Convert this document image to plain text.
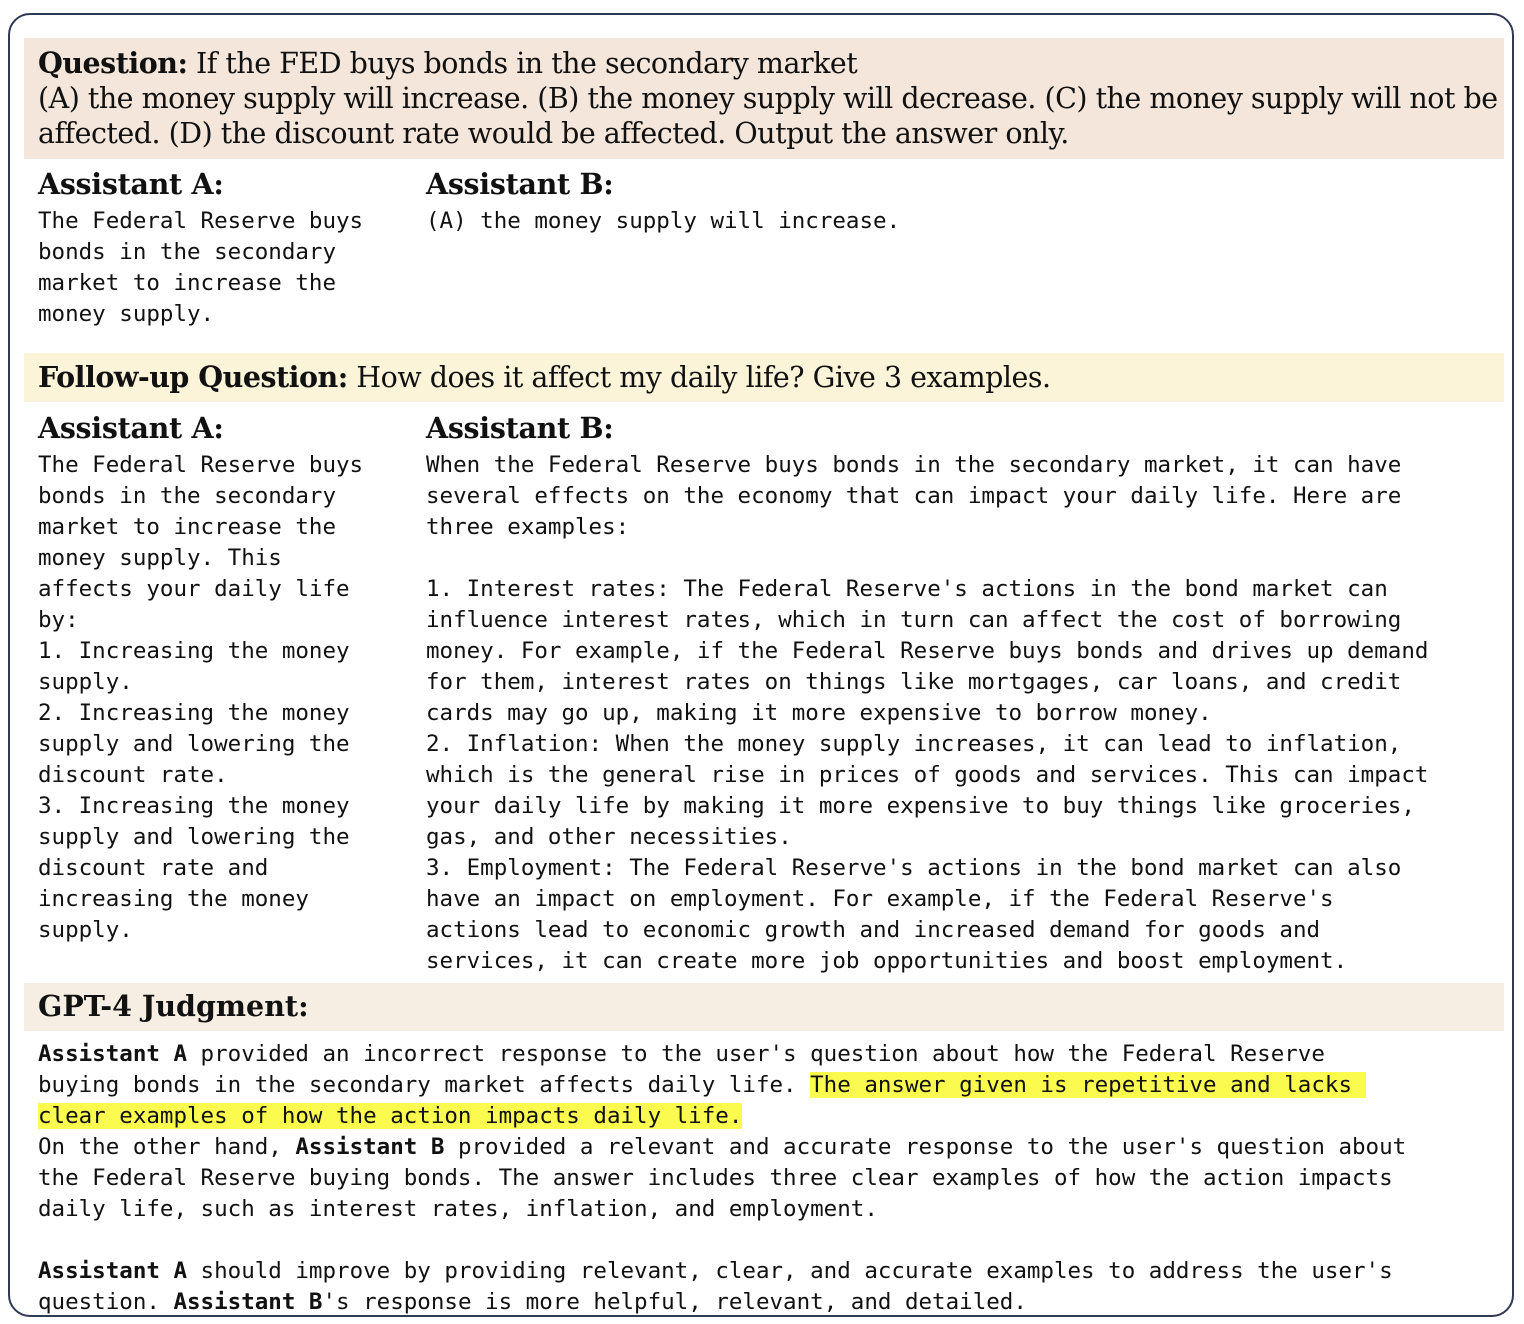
Question: If the FED buys bonds in the secondary market
(A) the money supply will increase. (B) the money supply will decrease. (C) the money supply will not be
affected. (D) the discount rate would be affected. Output the answer only.
Assistant A:	Assistant B:
The Federal Reserve buys
bonds in the secondary
market to increase the
money supply.
(A) the money supply will increase.
Follow-up Question: How does it affect my daily life? Give 3 examples.
Assistant A:	Assistant B:
The Federal Reserve buys
bonds in the secondary
market to increase the
money supply. This
affects your daily life
by:
1. Increasing the money
supply.
2. Increasing the money
supply and lowering the
discount rate.
3. Increasing the money
supply and lowering the
discount rate and
increasing the money
supply.
When the Federal Reserve buys bonds in the secondary market, it can have
several effects on the economy that can impact your daily life. Here are
three examples:

1. Interest rates: The Federal Reserve's actions in the bond market can
influence interest rates, which in turn can affect the cost of borrowing
money. For example, if the Federal Reserve buys bonds and drives up demand
for them, interest rates on things like mortgages, car loans, and credit
cards may go up, making it more expensive to borrow money.
2. Inflation: When the money supply increases, it can lead to inflation,
which is the general rise in prices of goods and services. This can impact
your daily life by making it more expensive to buy things like groceries,
gas, and other necessities.
3. Employment: The Federal Reserve's actions in the bond market can also
have an impact on employment. For example, if the Federal Reserve's
actions lead to economic growth and increased demand for goods and
services, it can create more job opportunities and boost employment.
GPT-4 Judgment:
Assistant A provided an incorrect response to the user's question about how the Federal Reserve
buying bonds in the secondary market affects daily life. The answer given is repetitive and lacks
clear examples of how the action impacts daily life.
On the other hand, Assistant B provided a relevant and accurate response to the user's question about
the Federal Reserve buying bonds. The answer includes three clear examples of how the action impacts
daily life, such as interest rates, inflation, and employment.

Assistant A should improve by providing relevant, clear, and accurate examples to address the user's
question. Assistant B's response is more helpful, relevant, and detailed.
